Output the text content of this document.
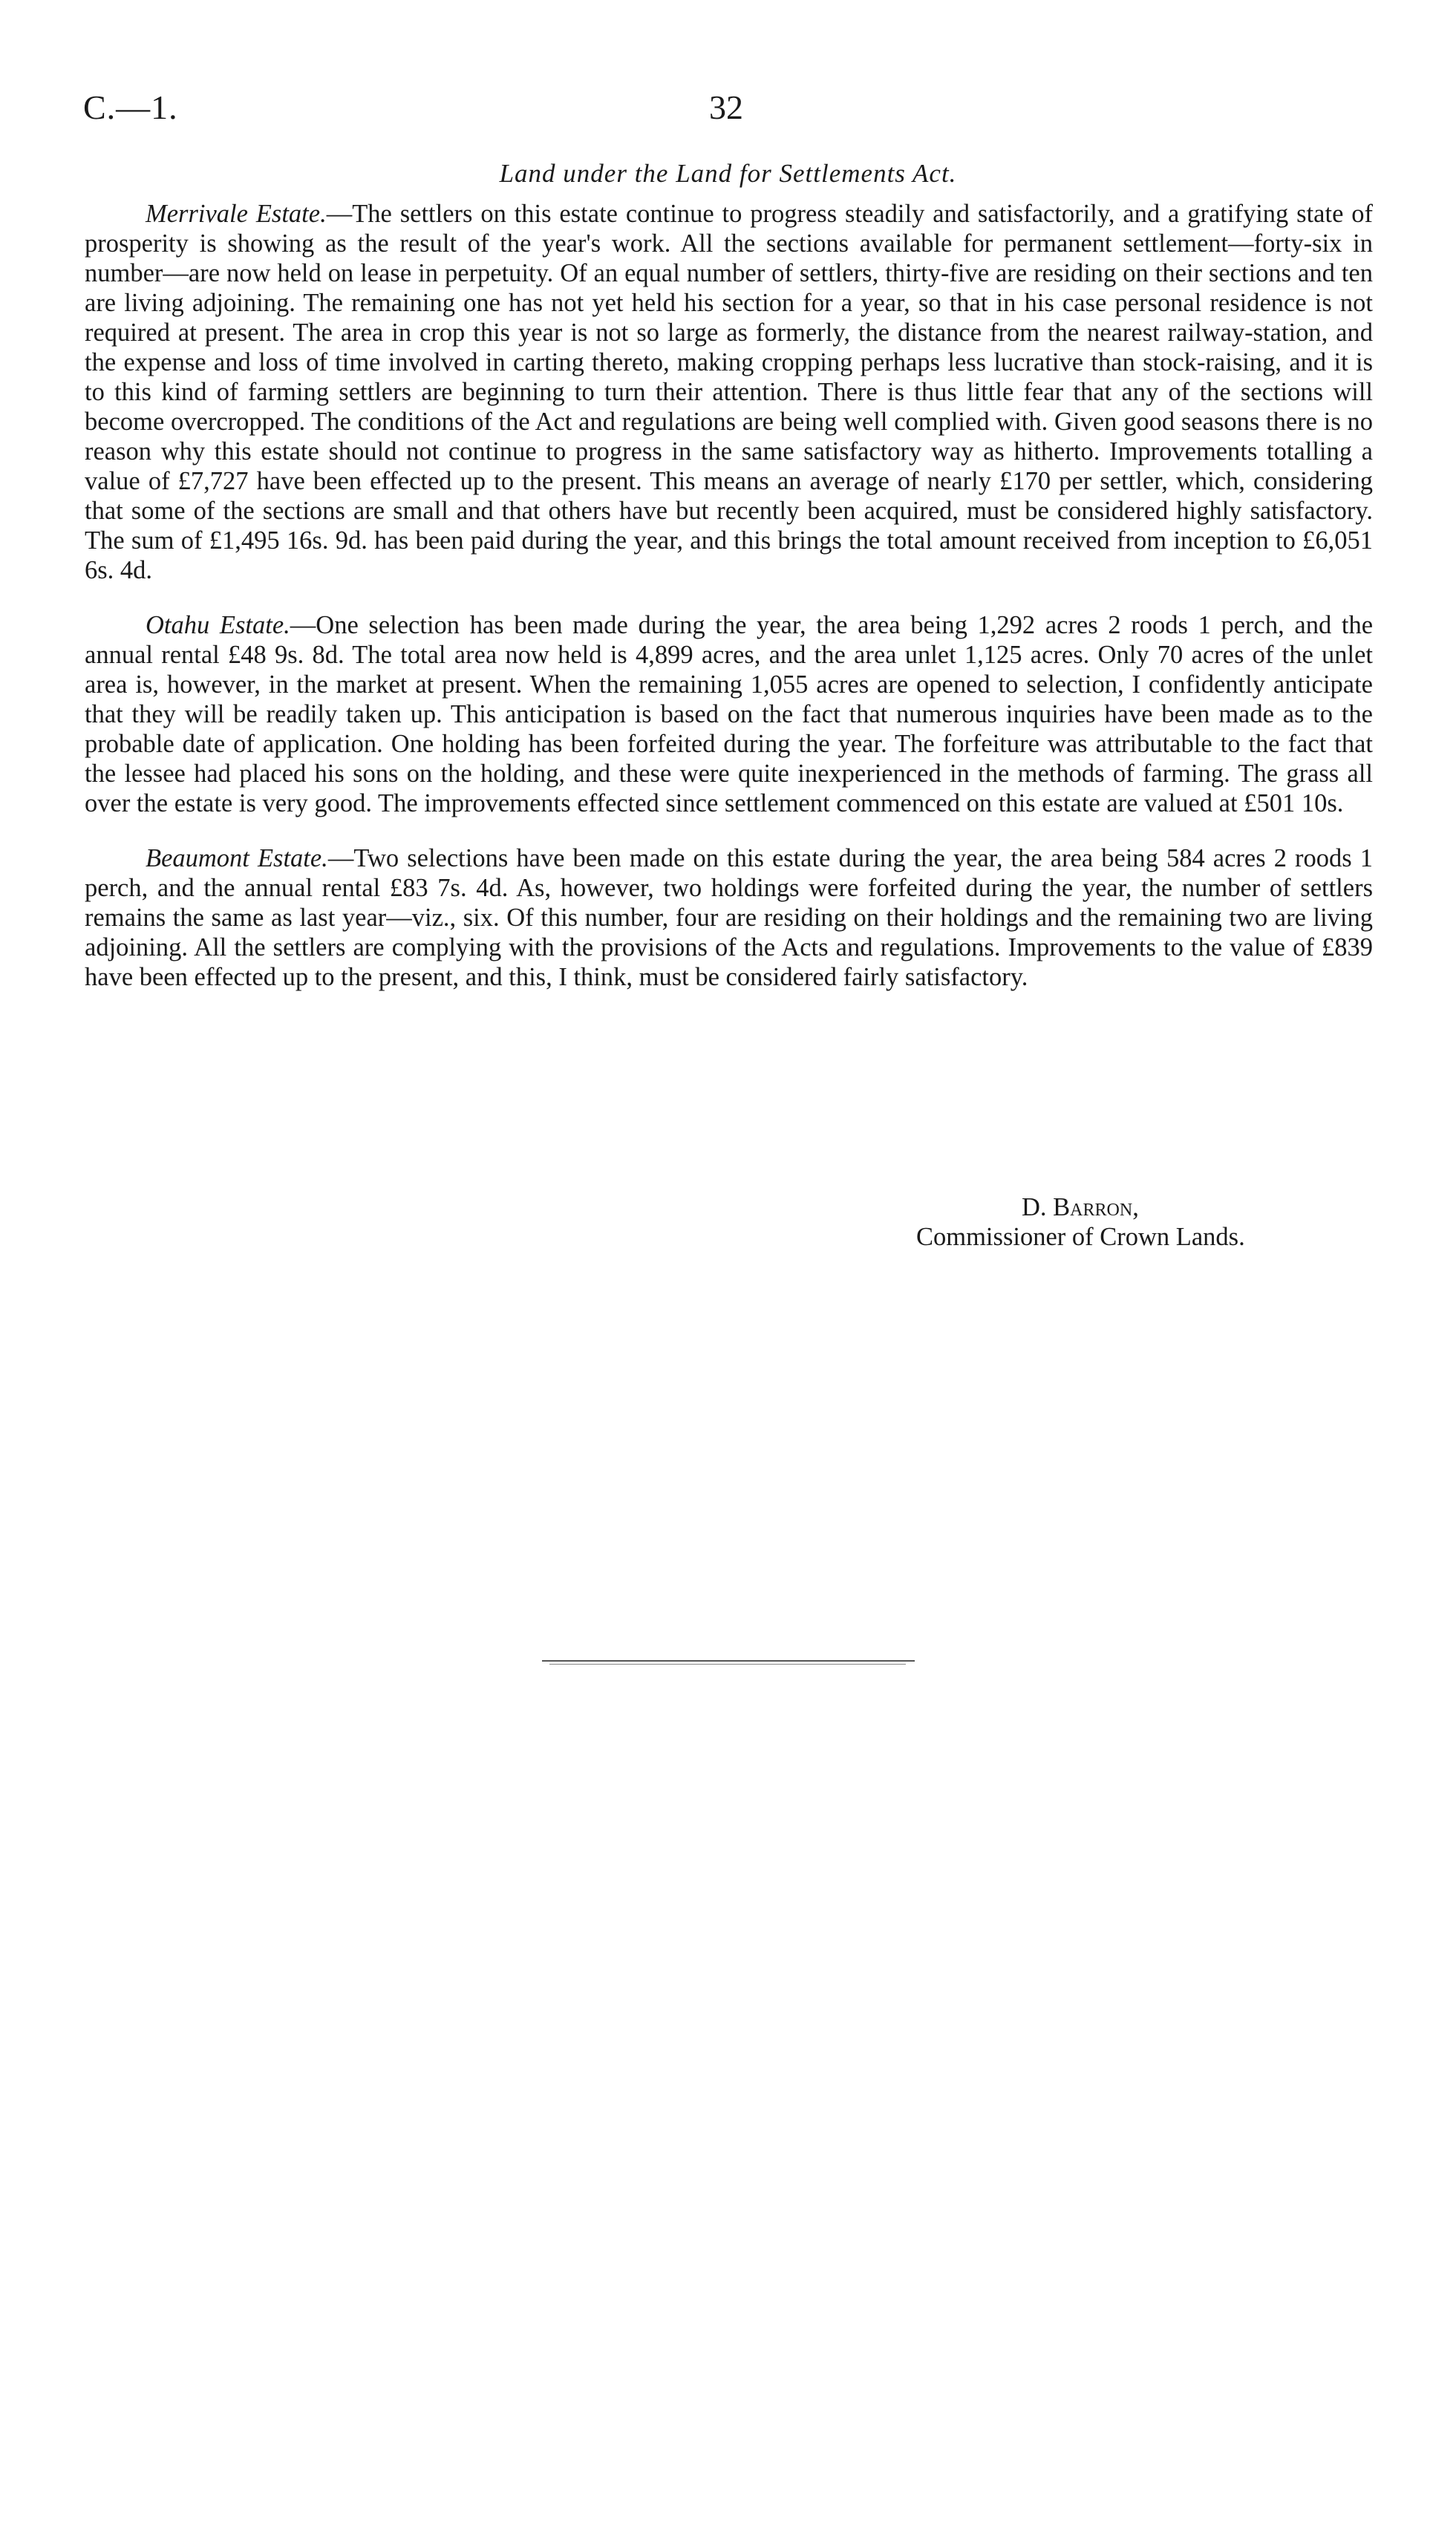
C.—1.	32
Land under the Land for Settlements Act.

Merrivale Estate.—The settlers on this estate continue to progress steadily and satisfactorily, and a gratifying state of prosperity is showing as the result of the year's work. All the sections available for permanent settlement—forty-six in number—are now held on lease in perpetuity. Of an equal number of settlers, thirty-five are residing on their sections and ten are living adjoining. The remaining one has not yet held his section for a year, so that in his case personal residence is not required at present. The area in crop this year is not so large as formerly, the distance from the nearest railway-station, and the expense and loss of time involved in carting thereto, making cropping perhaps less lucrative than stock-raising, and it is to this kind of farming settlers are beginning to turn their attention. There is thus little fear that any of the sections will become overcropped. The conditions of the Act and regulations are being well complied with. Given good seasons there is no reason why this estate should not continue to progress in the same satisfactory way as hitherto. Improvements totalling a value of £7,727 have been effected up to the present. This means an average of nearly £170 per settler, which, considering that some of the sections are small and that others have but recently been acquired, must be considered highly satisfactory. The sum of £1,495 16s. 9d. has been paid during the year, and this brings the total amount received from inception to £6,051 6s. 4d.

Otahu Estate.—One selection has been made during the year, the area being 1,292 acres 2 roods 1 perch, and the annual rental £48 9s. 8d. The total area now held is 4,899 acres, and the area unlet 1,125 acres. Only 70 acres of the unlet area is, however, in the market at present. When the remaining 1,055 acres are opened to selection, I confidently anticipate that they will be readily taken up. This anticipation is based on the fact that numerous inquiries have been made as to the probable date of application. One holding has been forfeited during the year. The forfeiture was attributable to the fact that the lessee had placed his sons on the holding, and these were quite inexperienced in the methods of farming. The grass all over the estate is very good. The improvements effected since settlement commenced on this estate are valued at £501 10s.

Beaumont Estate.—Two selections have been made on this estate during the year, the area being 584 acres 2 roods 1 perch, and the annual rental £83 7s. 4d. As, however, two holdings were forfeited during the year, the number of settlers remains the same as last year—viz., six. Of this number, four are residing on their holdings and the remaining two are living adjoining. All the settlers are complying with the provisions of the Acts and regulations. Improvements to the value of £839 have been effected up to the present, and this, I think, must be considered fairly satisfactory.

D. Barron,
Commissioner of Crown Lands.
